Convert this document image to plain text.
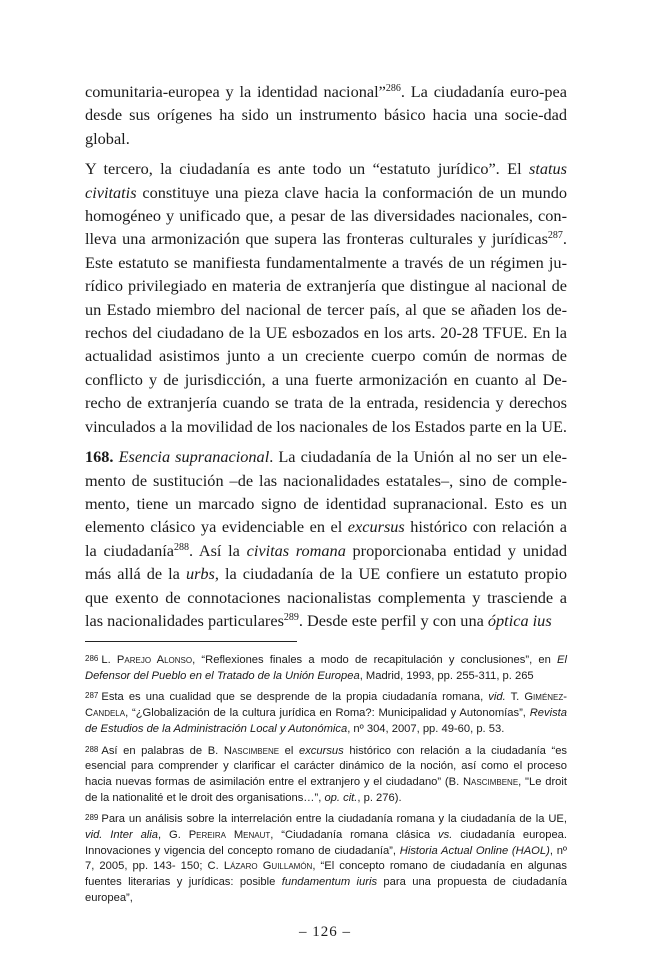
comunitaria-europea y la identidad nacional”$^{286}$. La ciudadanía euro-pea desde sus orígenes ha sido un instrumento básico hacia una socie-dad global.

Y tercero, la ciudadanía es ante todo un “estatuto jurídico”. El status civitatis constituye una pieza clave hacia la conformación de un mundo homogéneo y unificado que, a pesar de las diversidades nacionales, con-lleva una armonización que supera las fronteras culturales y jurídicas$^{287}$. Este estatuto se manifiesta fundamentalmente a través de un régimen ju-rídico privilegiado en materia de extranjería que distingue al nacional de un Estado miembro del nacional de tercer país, al que se añaden los de-rechos del ciudadano de la UE esbozados en los arts. 20-28 TFUE. En la actualidad asistimos junto a un creciente cuerpo común de normas de conflicto y de jurisdicción, a una fuerte armonización en cuanto al De-recho de extranjería cuando se trata de la entrada, residencia y derechos vinculados a la movilidad de los nacionales de los Estados parte en la UE.

168. Esencia supranacional. La ciudadanía de la Unión al no ser un ele-mento de sustitución –de las nacionalidades estatales–, sino de comple-mento, tiene un marcado signo de identidad supranacional. Esto es un elemento clásico ya evidenciable en el excursus histórico con relación a la ciudadanía$^{288}$. Así la civitas romana proporcionaba entidad y unidad más allá de la urbs, la ciudadanía de la UE confiere un estatuto propio que exento de connotaciones nacionalistas complementa y trasciende a las nacionalidades particulares$^{289}$. Desde este perfil y con una óptica ius

286 L. Parejo Alonso, “Reflexiones finales a modo de recapitulación y conclusiones”, en El Defensor del Pueblo en el Tratado de la Unión Europea, Madrid, 1993, pp. 255-311, p. 265

287 Esta es una cualidad que se desprende de la propia ciudadanía romana, vid. T. Giménez-Candela, “¿Globalización de la cultura jurídica en Roma?: Municipalidad y Autonomías”, Revista de Estudios de la Administración Local y Autonómica, nº 304, 2007, pp. 49-60, p. 53.

288 Así en palabras de B. Nascimbene el excursus histórico con relación a la ciudadanía “es esencial para comprender y clarificar el carácter dinámico de la noción, así como el proceso hacia nuevas formas de asimilación entre el extranjero y el ciudadano” (B. Nascimbene, "Le droit de la nationalité et le droit des organisations…”, op. cit., p. 276).

289 Para un análisis sobre la interrelación entre la ciudadanía romana y la ciudadanía de la UE, vid. Inter alia, G. Pereira Menaut, “Ciudadanía romana clásica vs. ciudadanía europea. Innovaciones y vigencia del concepto romano de ciudadanía”, Historia Actual Online (HAOL), nº 7, 2005, pp. 143- 150; C. Lázaro Guillamón, “El concepto romano de ciudadanía en algunas fuentes literarias y jurídicas: posible fundamentum iuris para una propuesta de ciudadanía europea”,

– 126 –
